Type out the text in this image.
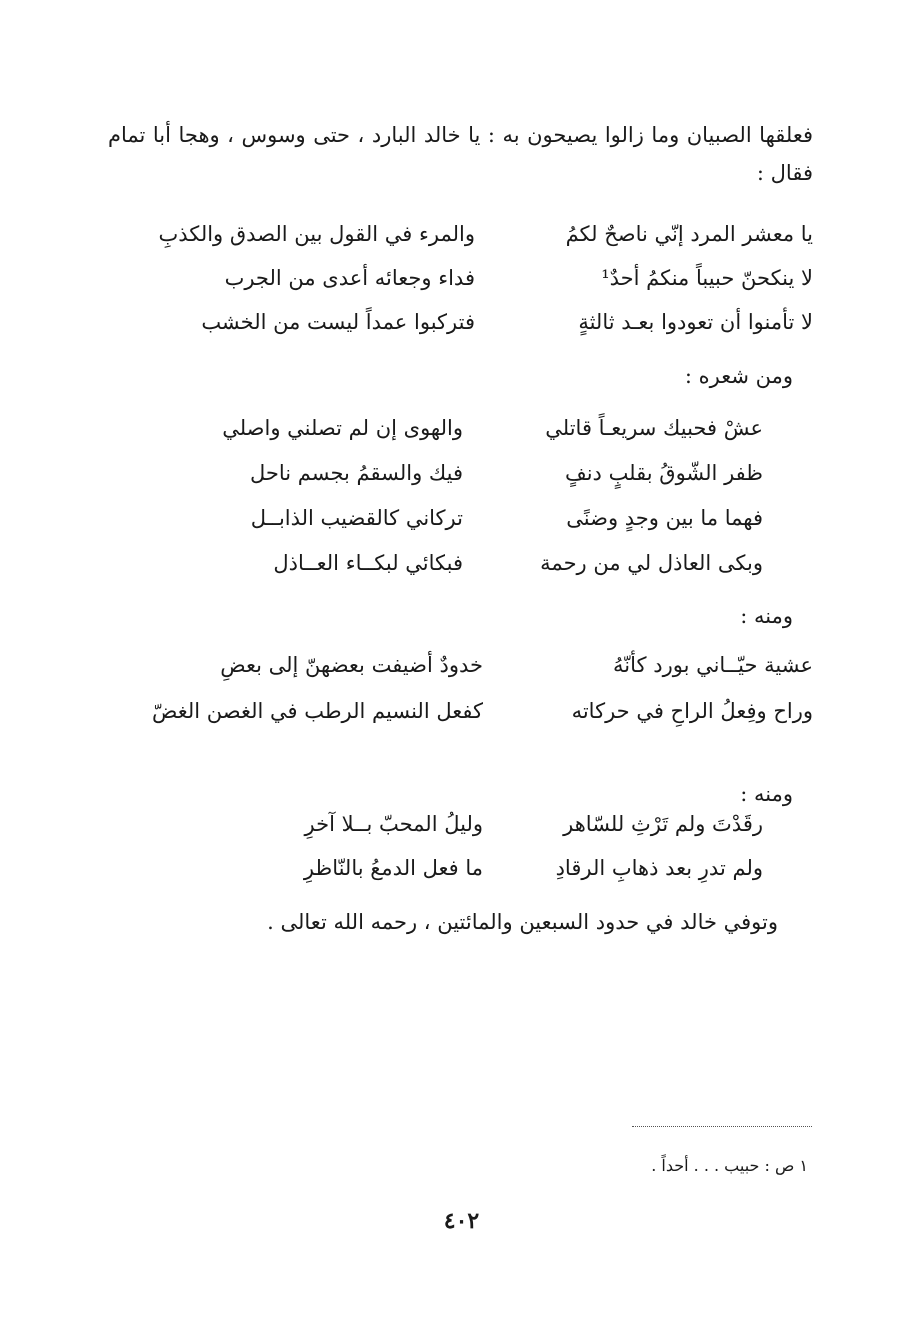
فعلقها الصبيان وما زالوا يصيحون به : يا خالد البارد ، حتى وسوس ، وهجا أبا تمام فقال :

يا معشر المرد إنّي ناصحٌ لكمُ
والمرء في القول بين الصدق والكذبِ
لا ينكحنّ حبيباً منكمُ أحدٌ¹
فداء وجعائه أعدى من الجرب
لا تأمنوا أن تعودوا بعـد ثالثةٍ
فتركبوا عمداً ليست من الخشب

ومن شعره :

عشْ فحبيك سريعـاً قاتلي
والهوى إن لم تصلني واصلي
ظفر الشّوقُ بقلبٍ دنفٍ
فيك والسقمُ بجسم ناحل
فهما ما بين وجدٍ وضنًى
تركاني كالقضيب الذابــل
وبكى العاذل لي من رحمة
فبكائي لبكــاء العــاذل

ومنه :

عشية حيّــاني بورد كأنّهُ
خدودٌ أضيفت بعضهنّ إلى بعضِ
وراح وفِعلُ الراحِ في حركاته
كفعل النسيم الرطب في الغصن الغضّ

ومنه :

رقَدْتَ ولم تَرْثِ للسّاهر
وليلُ المحبّ بــلا آخرِ
ولم تدرِ بعد ذهابِ الرقادِ
ما فعل الدمعُ بالنّاظرِ

وتوفي خالد في حدود السبعين والمائتين ، رحمه الله تعالى .

١ ص : حبيب . . . أحداً .

٤٠٢
